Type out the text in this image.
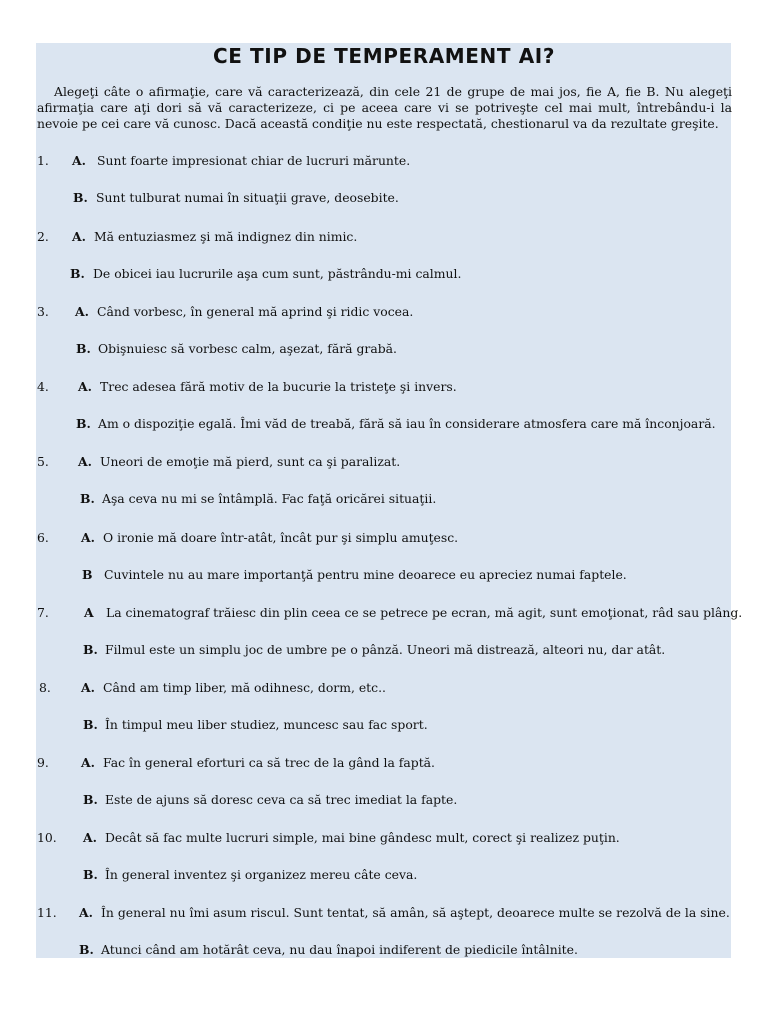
CE TIP DE TEMPERAMENT AI?
Alegeţi câte o afirmaţie, care vă caracterizează, din cele 21 de grupe de mai jos, fie A, fie B. Nu alegeţi afirmaţia care aţi dori să vă caracterizeze, ci pe aceea care vi se potriveşte cel mai mult, întrebându-i la nevoie pe cei care vă cunosc. Dacă această condiţie nu este respectată, chestionarul va da rezultate greşite.
1. A. Sunt foarte impresionat chiar de lucruri mărunte.
B. Sunt tulburat numai în situaţii grave, deosebite.
2. A. Mă entuziasmez şi mă indignez din nimic.
B. De obicei iau lucrurile aşa cum sunt, păstrându-mi calmul.
3. A. Când vorbesc, în general mă aprind şi ridic vocea.
B. Obişnuiesc să vorbesc calm, aşezat, fără grabă.
4. A. Trec adesea fără motiv de la bucurie la tristeţe şi invers.
B. Am o dispoziţie egală. Îmi văd de treabă, fără să iau în considerare atmosfera care mă înconjoară.
5. A. Uneori de emoţie mă pierd, sunt ca şi paralizat.
B. Aşa ceva nu mi se întâmplă. Fac faţă oricărei situaţii.
6.	A. O ironie mă doare într-atât, încât pur şi simplu amuţesc.
B Cuvintele nu au mare importanţă pentru mine deoarece eu apreciez numai faptele.
7.	A La cinematograf trăiesc din plin ceea ce se petrece pe ecran, mă agit, sunt emoţionat, râd sau plâng.
B. Filmul este un simplu joc de umbre pe o pânză. Uneori mă distrează, alteori nu, dar atât.
8. A. Când am timp liber, mă odihnesc, dorm, etc..
B. În timpul meu liber studiez, muncesc sau fac sport.
9.	A. Fac în general eforturi ca să trec de la gând la faptă.
B. Este de ajuns să doresc ceva ca să trec imediat la fapte.
10. A. Decât să fac multe lucruri simple, mai bine gândesc mult, corect şi realizez puţin.
B. În general inventez şi organizez mereu câte ceva.
11. A. În general nu îmi asum riscul. Sunt tentat, să amân, să aştept, deoarece multe se rezolvă de la sine.
B. Atunci când am hotărât ceva, nu dau înapoi indiferent de piedicile întâlnite.
